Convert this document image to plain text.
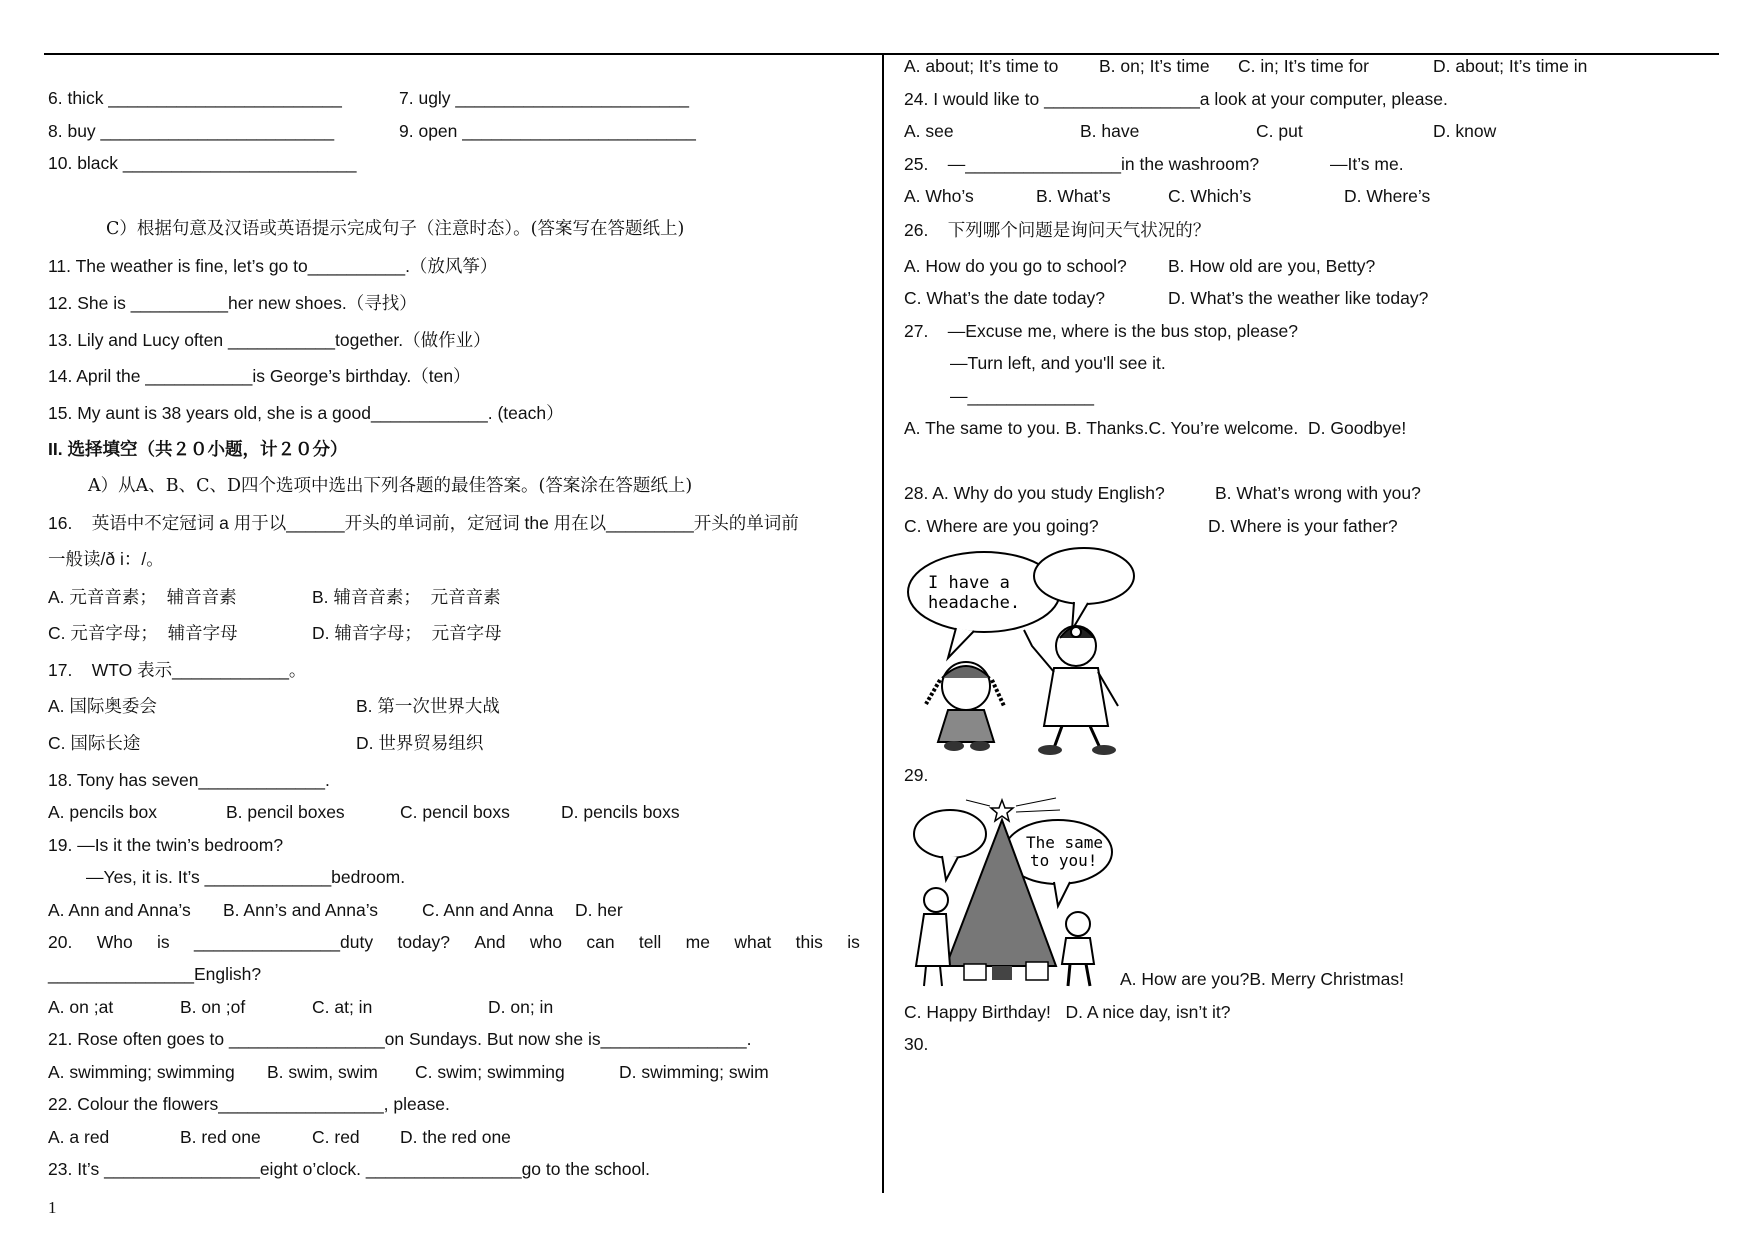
6. thick ________________________	7. ugly ________________________
8. buy ________________________	9. open ________________________
10. black ________________________
C）根据句意及汉语或英语提示完成句子（注意时态）。(答案写在答题纸上)
11. The weather is fine, let’s go to__________.（放风筝）
12. She is __________her new shoes.（寻找）
13. Lily and Lucy often ___________together.（做作业）
14. April the ___________is George’s birthday.（ten）
15. My aunt is 38 years old, she is a good____________. (teach）
II. 选择填空（共２０小题，计２０分）
A）从A、B、C、D四个选项中选出下列各题的最佳答案。(答案涂在答题纸上)
16.    英语中不定冠词 a 用于以______开头的单词前，定冠词 the 用在以_________开头的单词前
一般读/ð i：/。
A. 元音音素；  辅音音素	B. 辅音音素；  元音音素
C. 元音字母；  辅音字母	D. 辅音字母；  元音字母
17.    WTO 表示____________。
A. 国际奥委会	B. 第一次世界大战
C. 国际长途	D. 世界贸易组织
18. Tony has seven_____________.
A. pencils box	B. pencil boxes	C. pencil boxs	D. pencils boxs
19. —Is it the twin’s bedroom?
—Yes, it is. It’s _____________bedroom.
A. Ann and Anna’s B. Ann’s and Anna’s	C. Ann and Anna D. her
20. Who is _______________duty today? And who can tell me what this is
_______________English?
A. on ;at	B. on ;of	C. at; in	D. on; in
21. Rose often goes to ________________on Sundays. But now she is_______________.
A. swimming; swimming B. swim, swim C. swim; swimming	D. swimming; swim
22. Colour the flowers_________________, please.
A. a red	B. red one	C. red D. the red one
23. It’s ________________eight o’clock. ________________go to the school.
A. about; It’s time to B. on; It’s time C. in; It’s time for	D. about; It’s time in
24. I would like to ________________a look at your computer, please.
A. see	B. have	C. put	D. know
25.    —________________in the washroom?	—It’s me.
A. Who’s	B. What’s	C. Which’s	D. Where’s
26.    下列哪个问题是询问天气状况的？
A. How do you go to school? B. How old are you, Betty?
C. What’s the date today?	D. What’s the weather like today?
27.    —Excuse me, where is the bus stop, please?
—Turn left, and you'll see it.
—_____________
A. The same to you. B. Thanks.C. You’re welcome.  D. Goodbye!
28. A. Why do you study English?	B. What’s wrong with you?
C. Where are you going?	D. Where is your father?
I have a
headache.
29.
The same
to you!
A. How are you?B. Merry Christmas!
C. Happy Birthday!   D. A nice day, isn’t it?
30.
1
